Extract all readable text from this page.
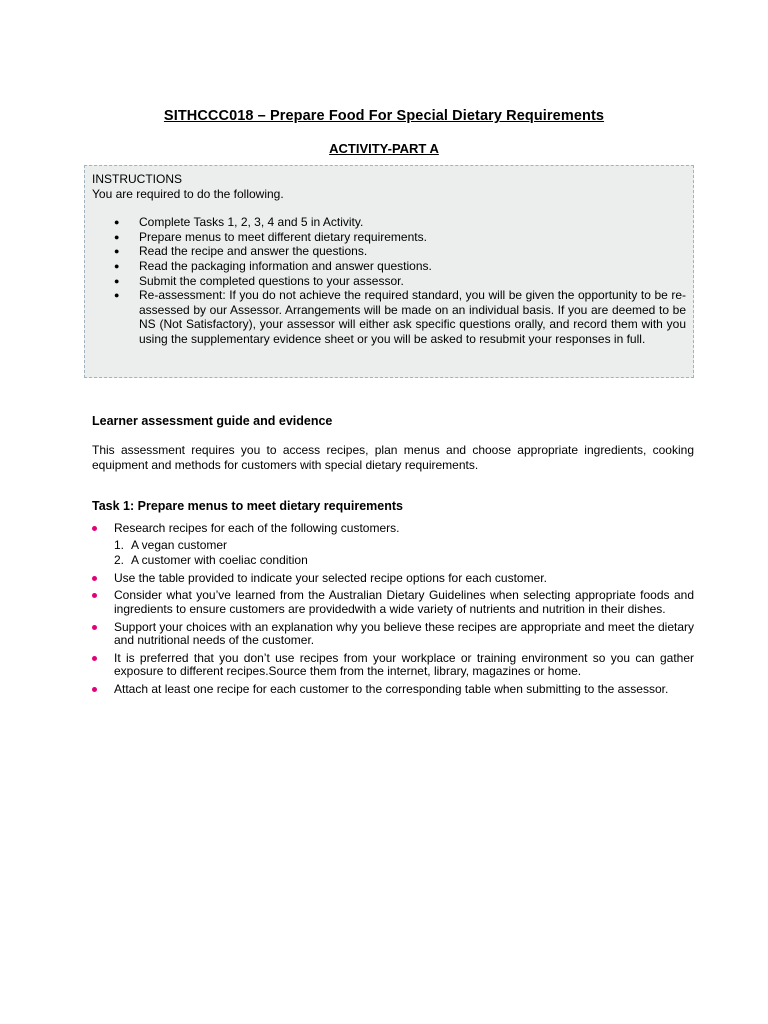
SITHCCC018 – Prepare Food For Special Dietary Requirements
ACTIVITY-PART A

INSTRUCTIONS

You are required to do the following.

● Complete Tasks 1, 2, 3, 4 and 5 in Activity.
● Prepare menus to meet different dietary requirements.
● Read the recipe and answer the questions.
● Read the packaging information and answer questions.
● Submit the completed questions to your assessor.
● Re-assessment: If you do not achieve the required standard, you will be given the opportunity to be re-assessed by our Assessor. Arrangements will be made on an individual basis. If you are deemed to be NS (Not Satisfactory), your assessor will either ask specific questions orally, and record them with you using the supplementary evidence sheet or you will be asked to resubmit your responses in full.
Learner assessment guide and evidence
This assessment requires you to access recipes, plan menus and choose appropriate ingredients, cooking equipment and methods for customers with special dietary requirements.
Task 1: Prepare menus to meet dietary requirements
Research recipes for each of the following customers.
1. A vegan customer
2. A customer with coeliac condition
Use the table provided to indicate your selected recipe options for each customer.
Consider what you’ve learned from the Australian Dietary Guidelines when selecting appropriate foods and ingredients to ensure customers are providedwith a wide variety of nutrients and nutrition in their dishes.
Support your choices with an explanation why you believe these recipes are appropriate and meet the dietary and nutritional needs of the customer.
It is preferred that you don’t use recipes from your workplace or training environment so you can gather exposure to different recipes.Source them from the internet, library, magazines or home.
Attach at least one recipe for each customer to the corresponding table when submitting to the assessor.
